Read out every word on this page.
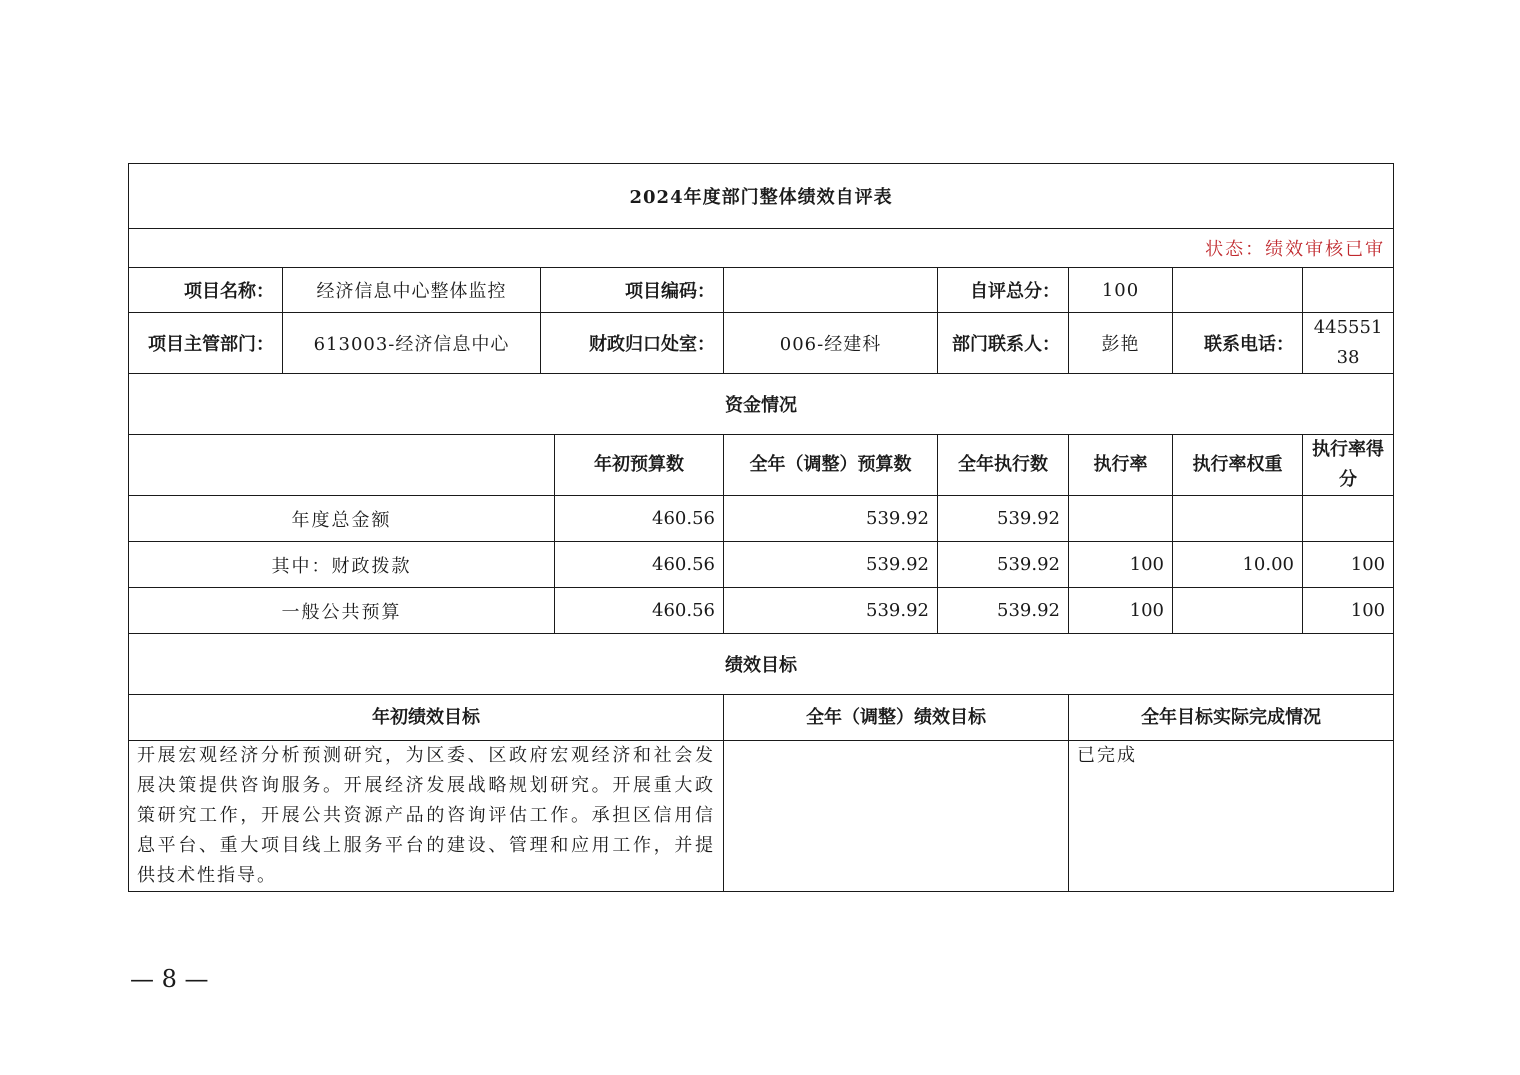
2024年度部门整体绩效自评表								
状态：绩效审核已审								
项目名称：	经济信息中心整体监控	项目编码：			自评总分：	100		
项目主管部门：	613003-经济信息中心	财政归口处室：		006-经建科	部门联系人：	彭艳	联系电话：	44555138
资金情况								
			年初预算数	全年（调整）预算数	全年执行数	执行率	执行率权重	执行率得分
年度总金额			460.56	539.92	539.92			
其中：财政拨款			460.56	539.92	539.92	100	10.00	100
一般公共预算			460.56	539.92	539.92	100		100
绩效目标								
年初绩效目标				全年（调整）绩效目标		全年目标实际完成情况		
开展宏观经济分析预测研究，为区委、区政府宏观经济和社会发展决策提供咨询服务。开展经济发展战略规划研究。开展重大政策研究工作，开展公共资源产品的咨询评估工作。承担区信用信息平台、重大项目线上服务平台的建设、管理和应用工作，并提供技术性指导。						已完成		
— 8 —
